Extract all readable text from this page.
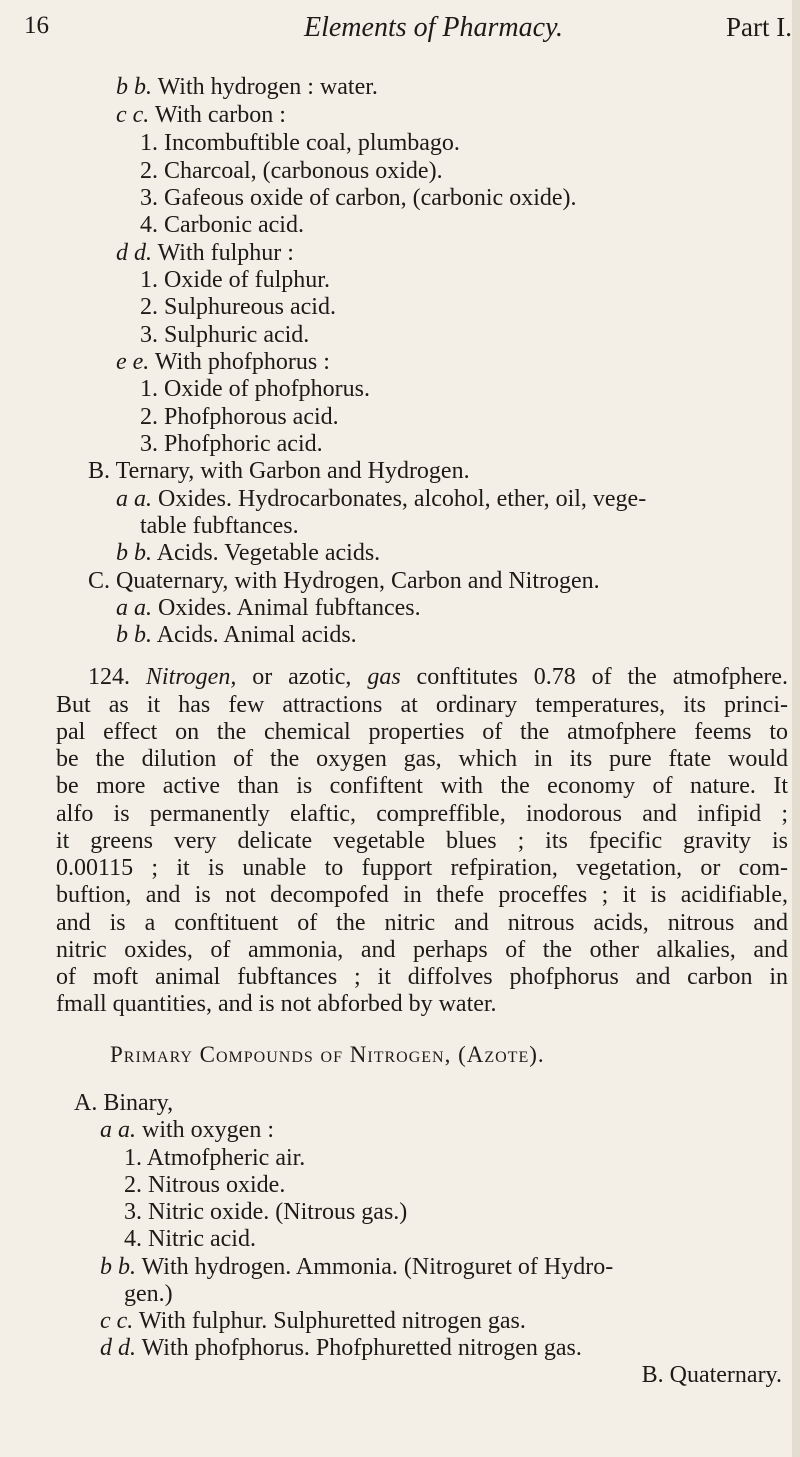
16	Elements of Pharmacy.	Part I.
b b. With hydrogen : water.
c c. With carbon :
1. Incombuftible coal, plumbago.
2. Charcoal, (carbonous oxide).
3. Gafeous oxide of carbon, (carbonic oxide).
4. Carbonic acid.
d d. With fulphur :
1. Oxide of fulphur.
2. Sulphureous acid.
3. Sulphuric acid.
e e. With phofphorus :
1. Oxide of phofphorus.
2. Phofphorous acid.
3. Phofphoric acid.
B. Ternary, with Garbon and Hydrogen.
a a. Oxides. Hydrocarbonates, alcohol, ether, oil, vege-
table fubftances.
b b. Acids. Vegetable acids.
C. Quaternary, with Hydrogen, Carbon and Nitrogen.
a a. Oxides. Animal fubftances.
b b. Acids. Animal acids.
124. Nitrogen, or azotic, gas conftitutes 0.78 of the atmofphere.
But as it has few attractions at ordinary temperatures, its princi-
pal effect on the chemical properties of the atmofphere feems to
be the dilution of the oxygen gas, which in its pure ftate would
be more active than is confiftent with the economy of nature. It
alfo is permanently elaftic, compreffible, inodorous and infipid ;
it greens very delicate vegetable blues ; its fpecific gravity is
0.00115 ; it is unable to fupport refpiration, vegetation, or com-
buftion, and is not decompofed in thefe proceffes ; it is acidifiable,
and is a conftituent of the nitric and nitrous acids, nitrous and
nitric oxides, of ammonia, and perhaps of the other alkalies, and
of moft animal fubftances ; it diffolves phofphorus and carbon in
fmall quantities, and is not abforbed by water.
Primary Compounds of Nitrogen, (Azote).
A. Binary,
a a. with oxygen :
1. Atmofpheric air.
2. Nitrous oxide.
3. Nitric oxide. (Nitrous gas.)
4. Nitric acid.
b b. With hydrogen. Ammonia. (Nitroguret of Hydro-
gen.)
c c. With fulphur. Sulphuretted nitrogen gas.
d d. With phofphorus. Phofphuretted nitrogen gas.
B. Quaternary.
